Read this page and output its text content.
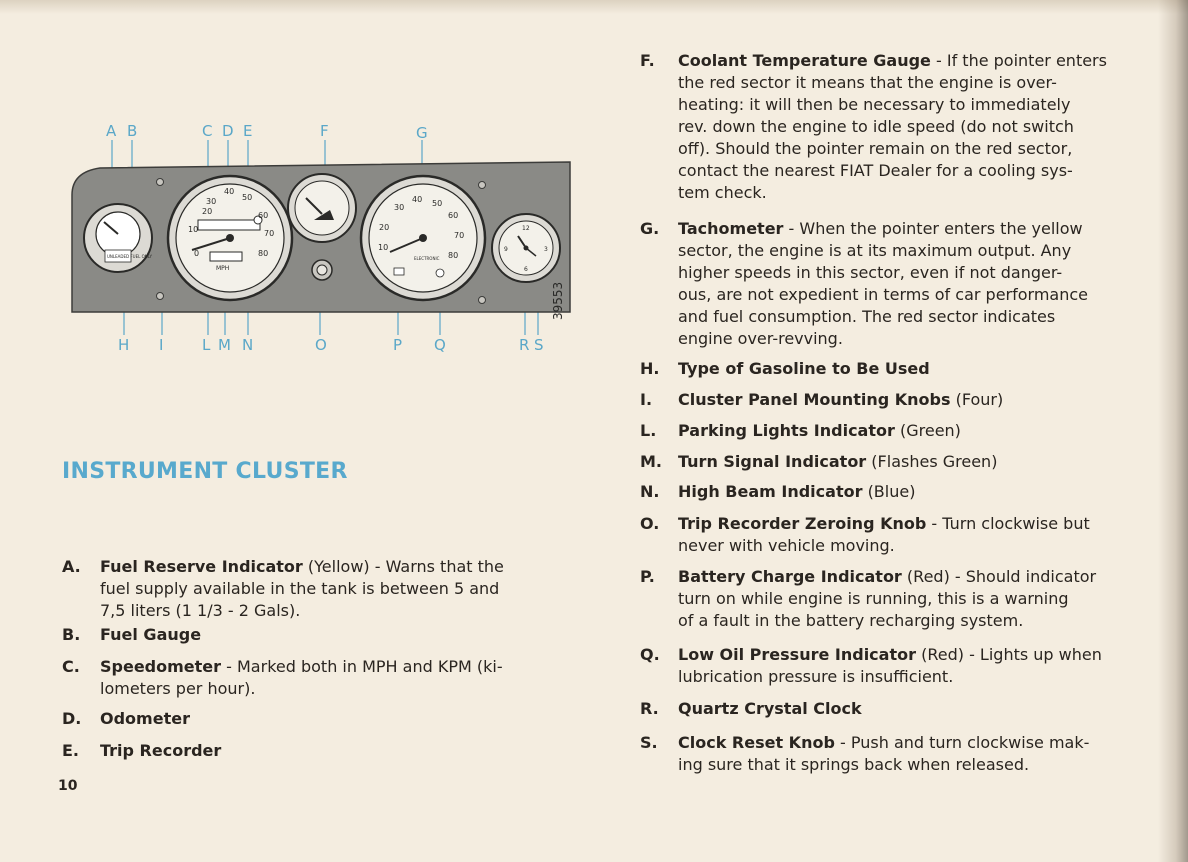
20
30
40
50
60
70
80
10
0
MPH
20
30
40 50
60
70
80
10
ELECTRONIC
UNLEADED FUEL ONLY
12
3
6
9
39553
A B	C D E	F	G
H I	L M N	O	P Q	R S
INSTRUMENT CLUSTER
A. Fuel Reserve Indicator (Yellow) - Warns that the
fuel supply available in the tank is between 5 and
7,5 liters (1 1/3 - 2 Gals).
B. Fuel Gauge
C. Speedometer - Marked both in MPH and KPM (ki-
lometers per hour).
D. Odometer
E. Trip Recorder
F. Coolant Temperature Gauge - If the pointer enters
the red sector it means that the engine is over-
heating: it will then be necessary to immediately
rev. down the engine to idle speed (do not switch
off). Should the pointer remain on the red sector,
contact the nearest FIAT Dealer for a cooling sys-
tem check.
G. Tachometer - When the pointer enters the yellow
sector, the engine is at its maximum output. Any
higher speeds in this sector, even if not danger-
ous, are not expedient in terms of car performance
and fuel consumption. The red sector indicates
engine over-revving.
H. Type of Gasoline to Be Used
I. Cluster Panel Mounting Knobs (Four)
L. Parking Lights Indicator (Green)
M. Turn Signal Indicator (Flashes Green)
N. High Beam Indicator (Blue)
O. Trip Recorder Zeroing Knob - Turn clockwise but
never with vehicle moving.
P. Battery Charge Indicator (Red) - Should indicator
turn on while engine is running, this is a warning
of a fault in the battery recharging system.
Q. Low Oil Pressure Indicator (Red) - Lights up when
lubrication pressure is insufficient.
R. Quartz Crystal Clock
S. Clock Reset Knob - Push and turn clockwise mak-
ing sure that it springs back when released.
10
